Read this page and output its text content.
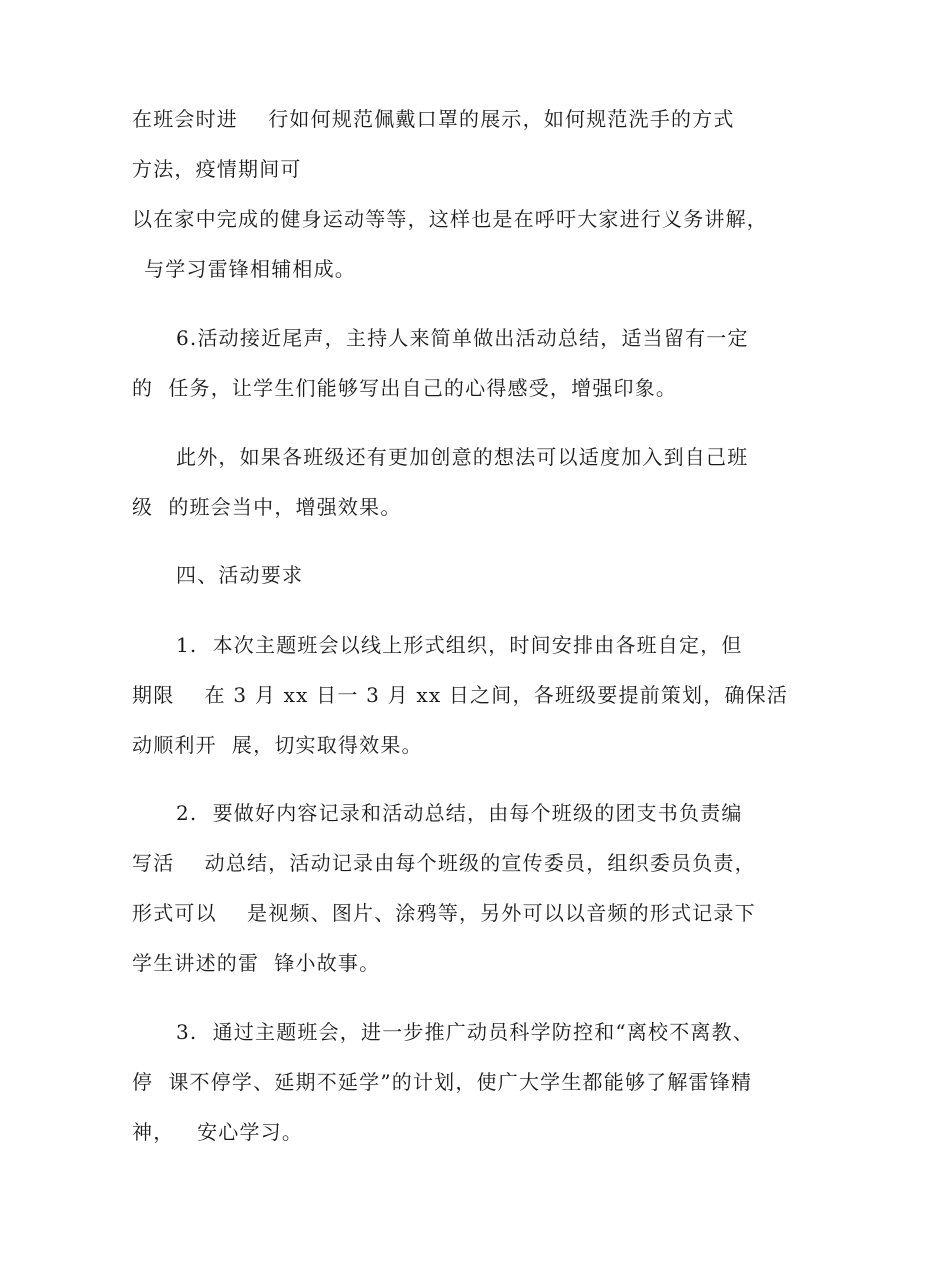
在班会时进    行如何规范佩戴口罩的展示，如何规范洗手的方式
方法，疫情期间可
以在家中完成的健身运动等等，这样也是在呼吁大家进行义务讲解，
与学习雷锋相辅相成。
6.活动接近尾声，主持人来简单做出活动总结，适当留有一定
的  任务，让学生们能够写出自己的心得感受，增强印象。
此外，如果各班级还有更加创意的想法可以适度加入到自己班
级  的班会当中，增强效果。
四、活动要求
1.  本次主题班会以线上形式组织，时间安排由各班自定，但
期限    在 3 月 xx 日一 3 月 xx 日之间，各班级要提前策划，确保活
动顺利开  展，切实取得效果。
2.  要做好内容记录和活动总结，由每个班级的团支书负责编
写活    动总结，活动记录由每个班级的宣传委员，组织委员负责，
形式可以    是视频、图片、涂鸦等，另外可以以音频的形式记录下
学生讲述的雷  锋小故事。
3.  通过主题班会，进一步推广动员科学防控和“离校不离教、
停  课不停学、延期不延学”的计划，使广大学生都能够了解雷锋精
神，   安心学习。
